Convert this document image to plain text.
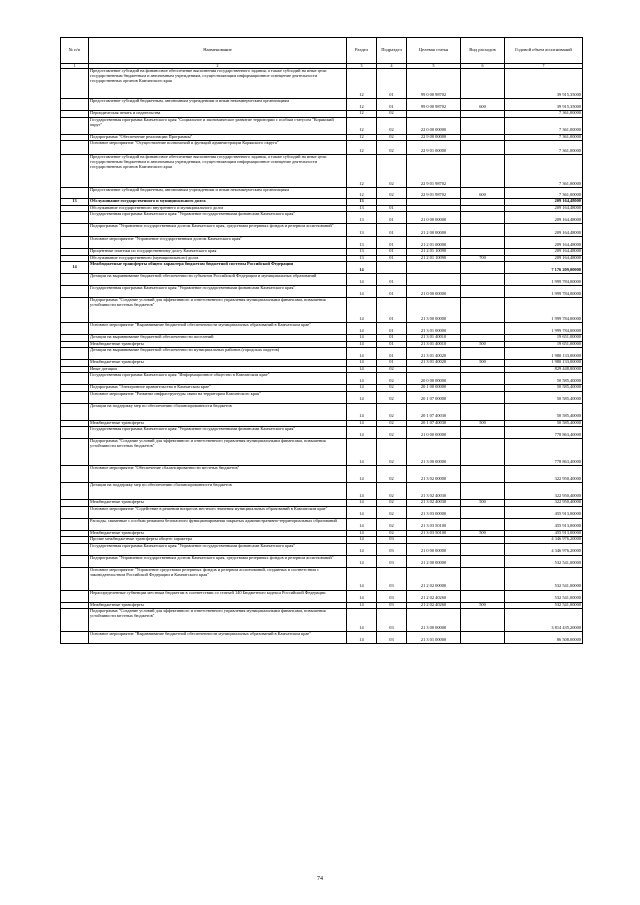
№ п/п	Наименование	Раздел	Подраздел	Целевая статья	Вид расходов	Годовой объем ассигнований
1	2	3	4	5	6	7
	Предоставление субсидий на финансовое обеспечение выполнения государственного задания, а также субсидий на иные цели государственным бюджетным и автономным учреждениям, осуществляющим информационное освещение деятельности государственных органов Камчатского края	12	01	99 0 00 98702		39 915,35000
	Предоставление субсидий бюджетным, автономным учреждениям и иным некоммерческим организациям	12	01	99 0 00 98702	600	39 915,35000
	Периодическая печать и издательства	12	02			7 361,00000
	Государственная программа Камчатского края "Социальное и экономическое развитие территории с особым статусом "Корякский округ"	12	02	22 0 00 00000		7 361,00000
	Подпрограмма "Обеспечение реализации Программы"	12	02	22 9 00 00000		7 361,00000
	Основное мероприятие "Осуществление полномочий и функций администрации Корякского округа"	12	02	22 9 01 00000		7 361,00000
	Предоставление субсидий на финансовое обеспечение выполнения государственного задания, а также субсидий на иные цели государственным бюджетным и автономным учреждениям, осуществляющим информационное освещение деятельности государственных органов Камчатского края	12	02	22 9 01 98702		7 361,00000
	Предоставление субсидий бюджетным, автономным учреждениям и иным некоммерческим организациям	12	02	22 9 01 98702	600	7 361,00000
13	Обслуживание государственного и муниципального долга	13				209 164,48000
	Обслуживание государственного внутреннего и муниципального долга	13	01			209 164,48000
	Государственная программа Камчатского края "Управление государственными финансами Камчатского края"	13	01	21 0 00 00000		209 164,48000
	Подпрограмма "Управление государственным долгом Камчатского края, средствами резервных фондов и резервом ассигнований"	13	01	21 2 00 00000		209 164,48000
	Основное мероприятие "Управление государственным долгом Камчатского края"	13	01	21 2 01 00000		209 164,48000
	Процентные платежи по государственному долгу Камчатского края	13	01	21 2 01 10090		209 164,48000
	Обслуживание государственного (муниципального) долга	13	01	21 2 01 10090	700	209 164,48000
14	Межбюджетные трансферты общего характера бюджетам бюджетной системы Российской Федерации	14				7 176 209,00000
	Дотации на выравнивание бюджетной обеспеченности субъектов Российской Федерации и муниципальных образований	14	01			1 999 784,00000
	Государственная программа Камчатского края "Управление государственными финансами Камчатского края"	14	01	21 0 00 00000		1 999 784,00000
	Подпрограмма "Создание условий для эффективного и ответственного управления муниципальными финансами, повышения устойчивости местных бюджетов"	14	01	21 3 00 00000		1 999 784,00000
	Основное мероприятие "Выравнивание бюджетной обеспеченности муниципальных образований в Камчатском крае"	14	01	21 3 01 00000		1 999 784,00000
	Дотации на выравнивание бюджетной обеспеченности поселений	14	01	21 3 01 40010		19 651,00000
	Межбюджетные трансферты	14	01	21 3 01 40010	500	19 651,00000
	Дотации на выравнивание бюджетной обеспеченности муниципальных районов (городских округов)	14	01	21 3 01 40020		1 980 133,00000
	Межбюджетные трансферты	14	01	21 3 01 40020	500	1 980 133,00000
	Иные дотации	14	02			829 448,80000
	Государственная программа Камчатского края "Информационное общество в Камчатском крае"	14	02	20 0 00 00000		50 585,40000
	Подпрограмма "Электронное правительство в Камчатском крае"	14	02	20 1 00 00000		50 585,40000
	Основное мероприятие "Развитие инфраструктуры связи на территории Камчатского края"	14	02	20 1 07 00000		50 585,40000
	Дотации на поддержку мер по обеспечению сбалансированности бюджетов	14	02	20 1 07 40030		50 585,40000
	Межбюджетные трансферты	14	02	20 1 07 40030	500	50 585,40000
	Государственная программа Камчатского края "Управление государственными финансами Камчатского края"	14	02	21 0 00 00000		778 863,40000
	Подпрограмма "Создание условий для эффективного и ответственного управления муниципальными финансами, повышения устойчивости местных бюджетов"	14	02	21 3 00 00000		778 863,40000
	Основное мероприятие "Обеспечение сбалансированности местных бюджетов"	14	02	21 3 02 00000		322 950,40000
	Дотации на поддержку мер по обеспечению сбалансированности бюджетов	14	02	21 3 02 40030		322 950,40000
	Межбюджетные трансферты	14	02	21 3 02 40030	500	322 950,40000
	Основное мероприятие "Содействие в решении вопросов местного значения муниципальных образований в Камчатском крае"	14	02	21 3 03 00000		455 913,00000
	Расходы, связанные с особым режимом безопасного функционирования закрытых административно-территориальных образований	14	02	21 3 03 50100		455 913,00000
	Межбюджетные трансферты	14	02	21 3 03 50100	500	455 913,00000
	Прочие межбюджетные трансферты общего характера	14	03			4 346 976,20000
	Государственная программа Камчатского края "Управление государственными финансами Камчатского края"	14	03	21 0 00 00000		4 346 976,20000
	Подпрограмма "Управление государственным долгом Камчатского края, средствами резервных фондов и резервом ассигнований"	14	03	21 2 00 00000		532 541,00000
	Основное мероприятие "Управление средствами резервных фондов и резервом ассигнований, созданных в соответствии с законодательством Российской Федерации и Камчатского края"	14	03	21 2 02 00000		532 541,00000
	Нераспределенные субвенции местным бюджетам в соответствии со статьей 140 Бюджетного кодекса Российской Федерации	14	03	21 2 02 40260		532 541,00000
	Межбюджетные трансферты	14	03	21 2 02 40260	500	532 541,00000
	Подпрограмма "Создание условий для эффективного и ответственного управления муниципальными финансами, повышения устойчивости местных бюджетов"	14	03	21 3 00 00000		3 814 435,20000
	Основное мероприятие "Выравнивание бюджетной обеспеченности муниципальных образований в Камчатском крае"	14	03	21 3 01 00000		86 508,00000
74
